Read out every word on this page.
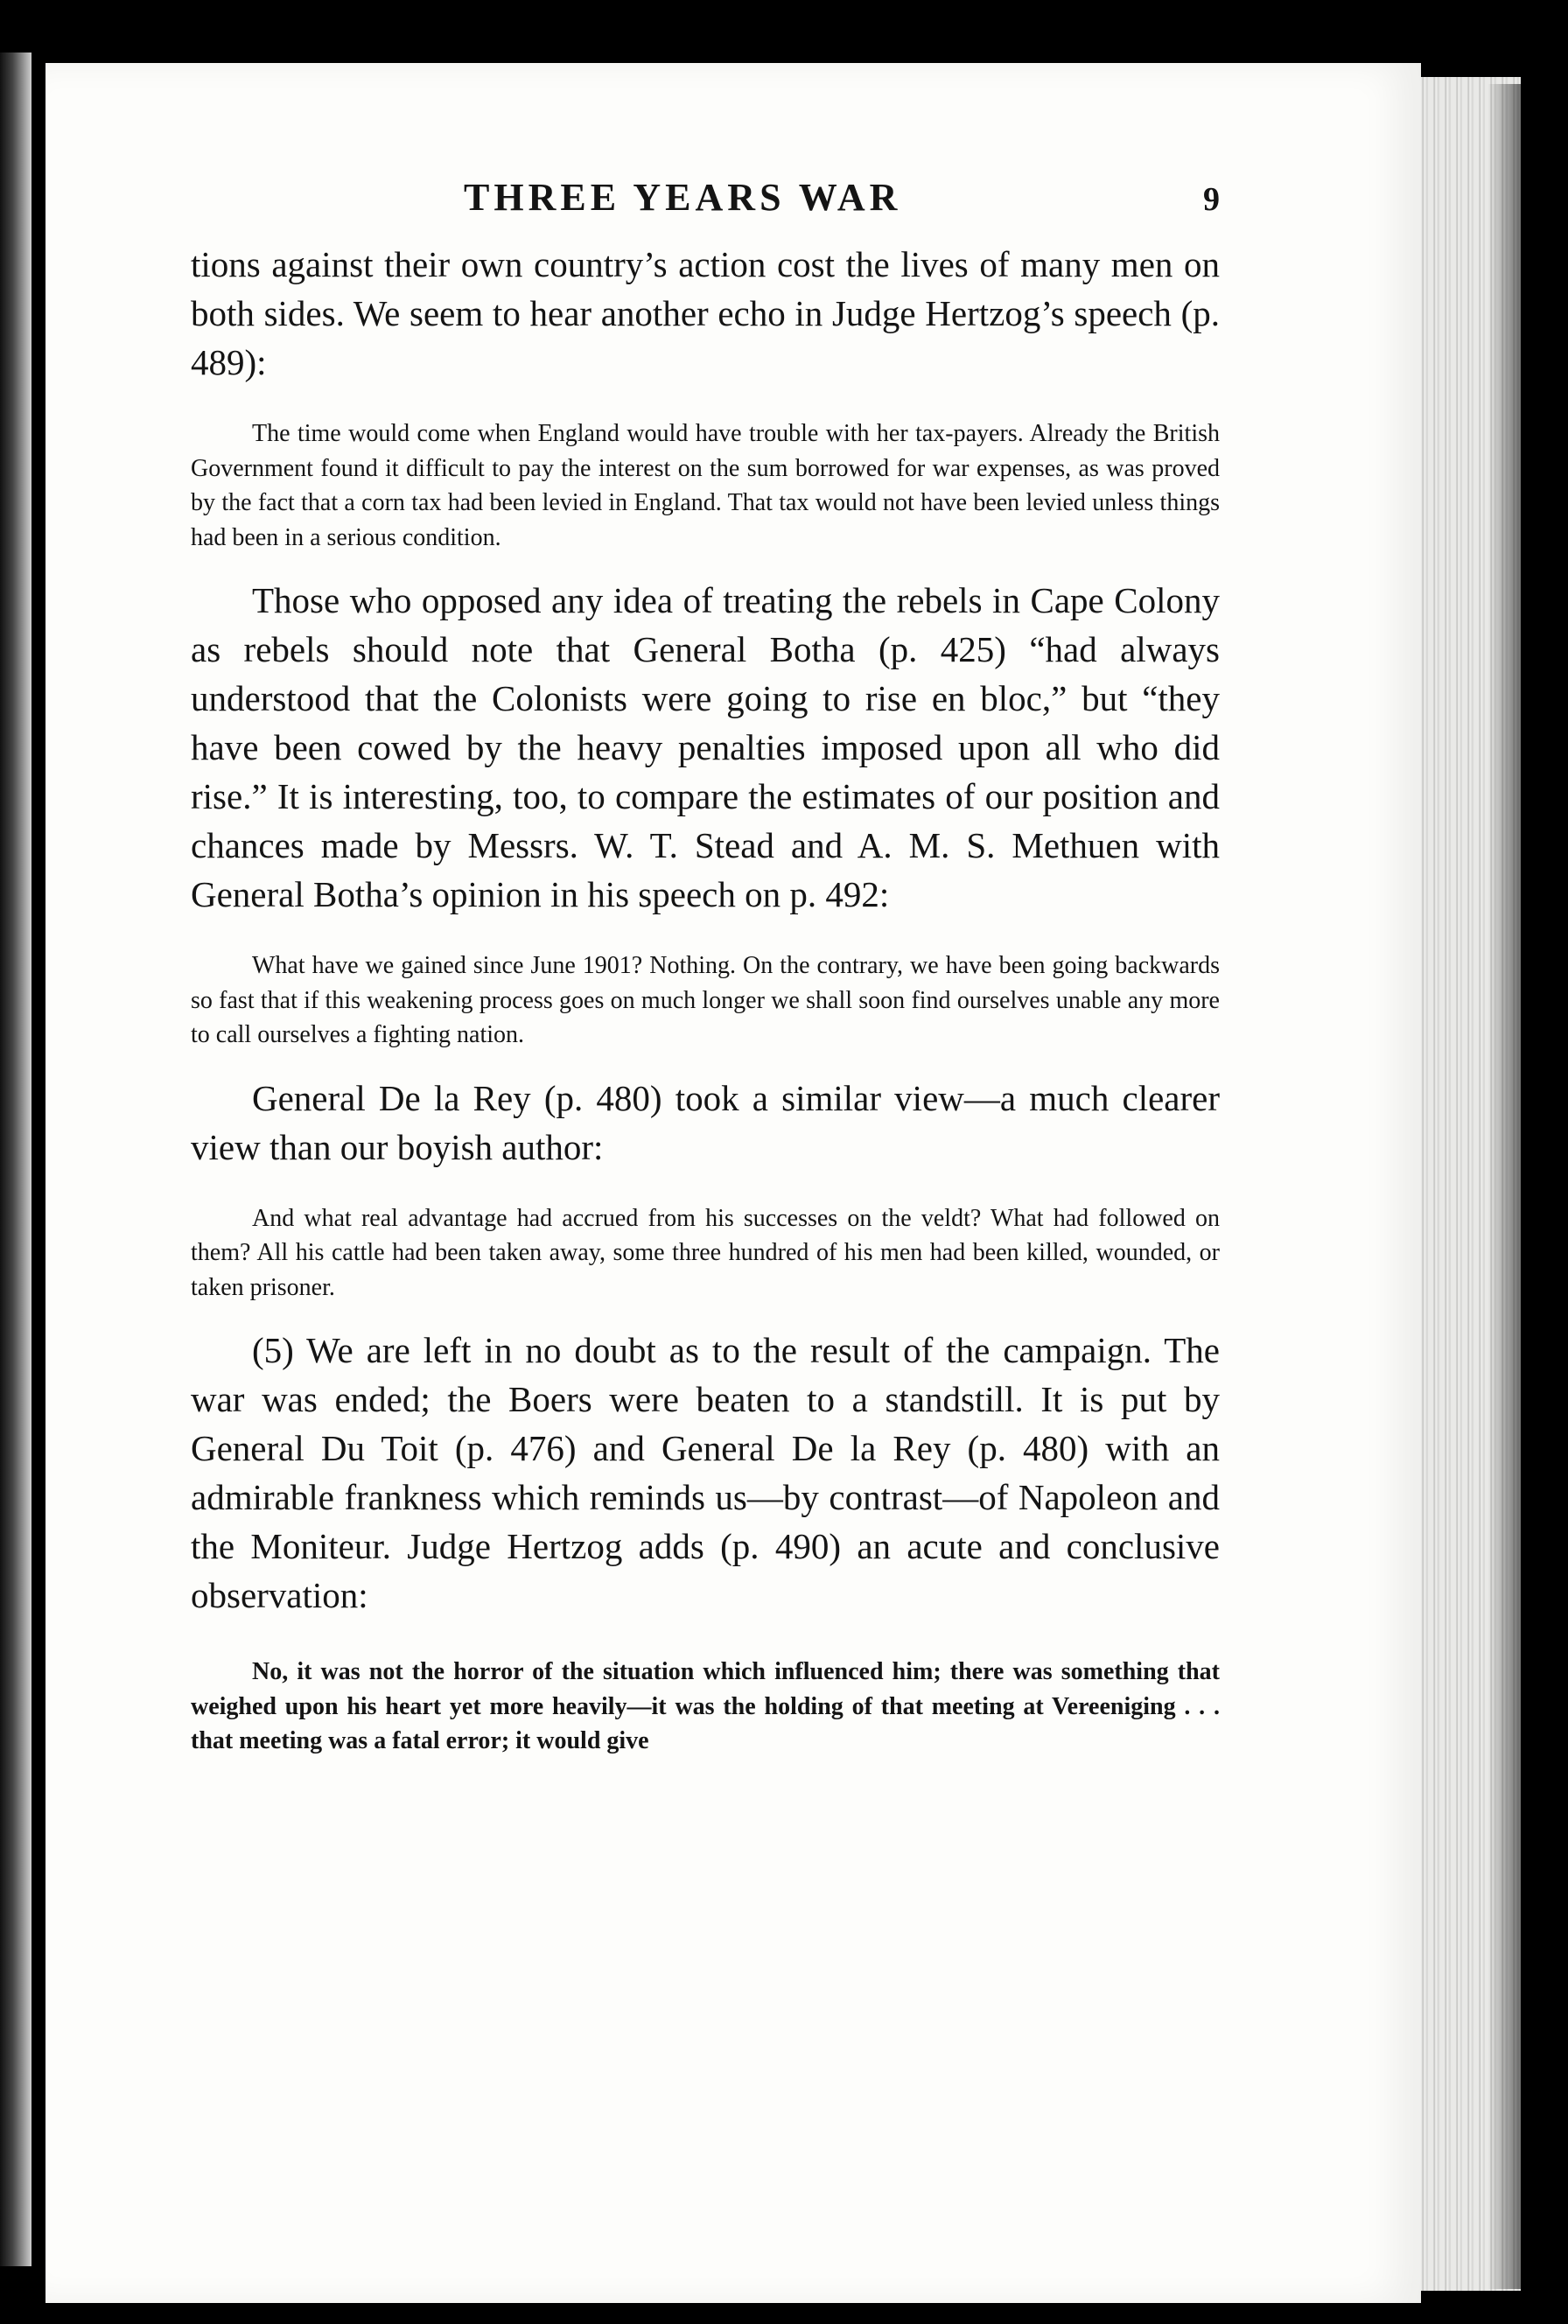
THREE YEARS WAR	9

tions against their own country’s action cost the lives of many men on both sides. We seem to hear another echo in Judge Hertzog’s speech (p. 489):

The time would come when England would have trouble with her tax-payers. Already the British Government found it difficult to pay the interest on the sum borrowed for war expenses, as was proved by the fact that a corn tax had been levied in England. That tax would not have been levied unless things had been in a serious condition.

Those who opposed any idea of treating the rebels in Cape Colony as rebels should note that General Botha (p. 425) “had always understood that the Colonists were going to rise en bloc,” but “they have been cowed by the heavy penalties imposed upon all who did rise.” It is interesting, too, to compare the estimates of our position and chances made by Messrs. W. T. Stead and A. M. S. Methuen with General Botha’s opinion in his speech on p. 492:

What have we gained since June 1901? Nothing. On the contrary, we have been going backwards so fast that if this weakening process goes on much longer we shall soon find ourselves unable any more to call ourselves a fighting nation.

General De la Rey (p. 480) took a similar view—a much clearer view than our boyish author:

And what real advantage had accrued from his successes on the veldt? What had followed on them? All his cattle had been taken away, some three hundred of his men had been killed, wounded, or taken prisoner.

(5) We are left in no doubt as to the result of the campaign. The war was ended; the Boers were beaten to a standstill. It is put by General Du Toit (p. 476) and General De la Rey (p. 480) with an admirable frankness which reminds us—by contrast—of Napoleon and the Moniteur. Judge Hertzog adds (p. 490) an acute and conclusive observation:

No, it was not the horror of the situation which influenced him; there was something that weighed upon his heart yet more heavily—it was the holding of that meeting at Vereeniging . . . that meeting was a fatal error; it would give
